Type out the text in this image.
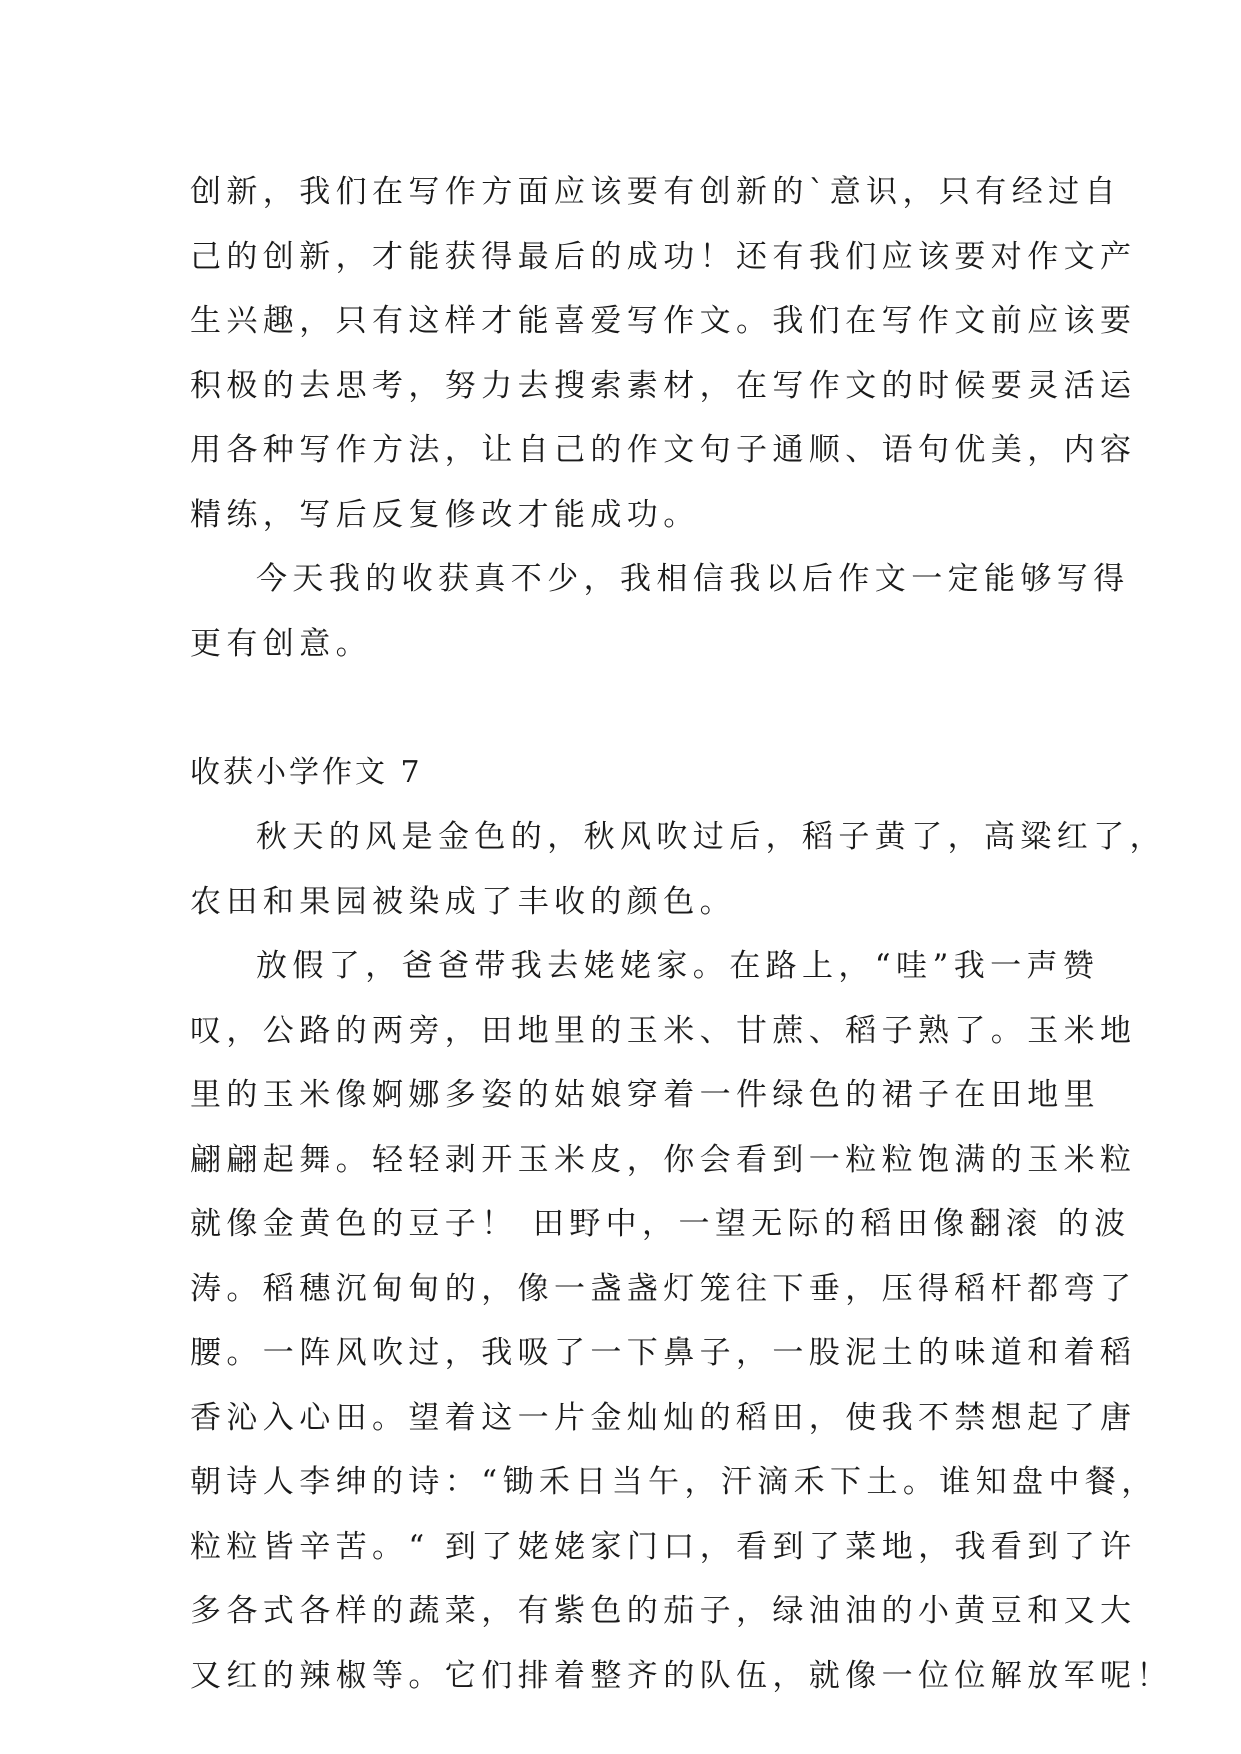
创新，我们在写作方面应该要有创新的`意识，只有经过自
己的创新，才能获得最后的成功！还有我们应该要对作文产
生兴趣，只有这样才能喜爱写作文。我们在写作文前应该要
积极的去思考，努力去搜索素材，在写作文的时候要灵活运
用各种写作方法，让自己的作文句子通顺、语句优美，内容
精练，写后反复修改才能成功。
今天我的收获真不少，我相信我以后作文一定能够写得
更有创意。
收获小学作文 7
秋天的风是金色的，秋风吹过后，稻子黄了，高粱红了，
农田和果园被染成了丰收的颜色。
放假了，爸爸带我去姥姥家。在路上，“哇”我一声赞
叹，公路的两旁，田地里的玉米、甘蔗、稻子熟了。玉米地
里的玉米像婀娜多姿的姑娘穿着一件绿色的裙子在田地里
翩翩起舞。轻轻剥开玉米皮，你会看到一粒粒饱满的玉米粒
就像金黄色的豆子！ 田野中，一望无际的稻田像翻滚 的波
涛。稻穗沉甸甸的，像一盏盏灯笼往下垂，压得稻杆都弯了
腰。一阵风吹过，我吸了一下鼻子，一股泥土的味道和着稻
香沁入心田。望着这一片金灿灿的稻田，使我不禁想起了唐
朝诗人李绅的诗：“锄禾日当午，汗滴禾下土。谁知盘中餐，
粒粒皆辛苦。“ 到了姥姥家门口，看到了菜地，我看到了许
多各式各样的蔬菜，有紫色的茄子，绿油油的小黄豆和又大
又红的辣椒等。它们排着整齐的队伍，就像一位位解放军呢！
